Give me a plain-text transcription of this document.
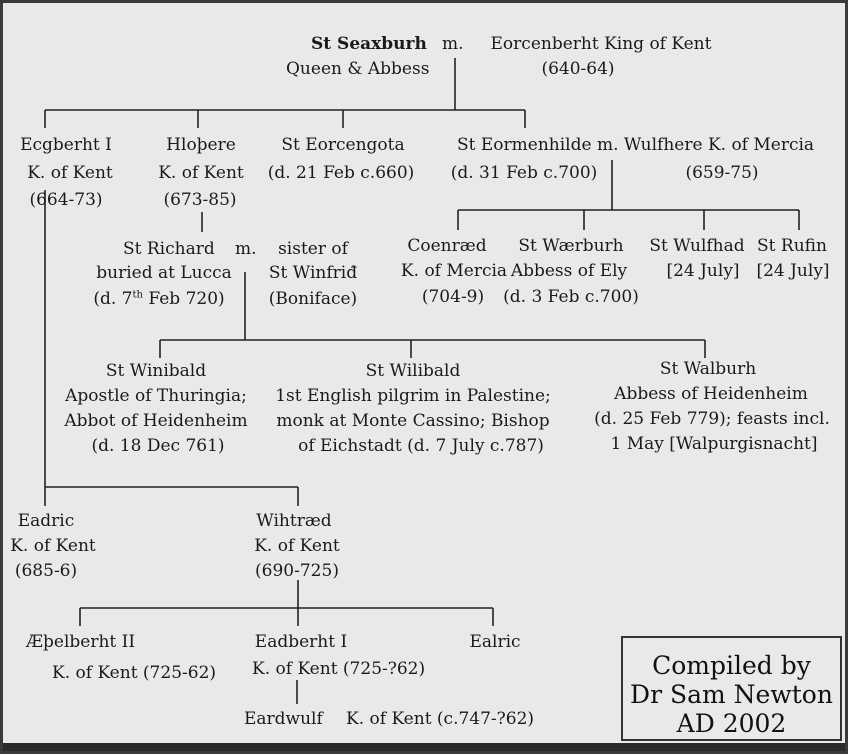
St Seaxburh m.
Queen & Abbess
Eorcenberht King of Kent
(640-64)
Ecgberht I
K. of Kent
(664-73)
Hloþere
K. of Kent
(673-85)
St Eorcengota
(d. 21 Feb c.660)
St Eormenhilde m. Wulfhere K. of Mercia
(d. 31 Feb c.700)	(659-75)
St Richard m.
buried at Lucca
(d. 7th Feb 720)
sister of
St Winfriđ
(Boniface)
Coenræd
K. of Mercia
(704-9)
St Wærburh
Abbess of Ely
(d. 3 Feb c.700)
St Wulfhad
[24 July]
St Rufin
[24 July]
St Winibald
Apostle of Thuringia;
Abbot of Heidenheim
(d. 18 Dec 761)
St Wilibald
1st English pilgrim in Palestine;
monk at Monte Cassino; Bishop
of Eichstadt (d. 7 July c.787)
St Walburh
Abbess of Heidenheim
(d. 25 Feb 779); feasts incl.
1 May [Walpurgisnacht]
Eadric
K. of Kent
(685-6)
Wihtræd
K. of Kent
(690-725)
Æþelberht II
K. of Kent (725-62)
Eadberht I
K. of Kent (725-?62)
Ealric
Eardwulf K. of Kent (c.747-?62)
Compiled by
Dr Sam Newton
AD 2002
